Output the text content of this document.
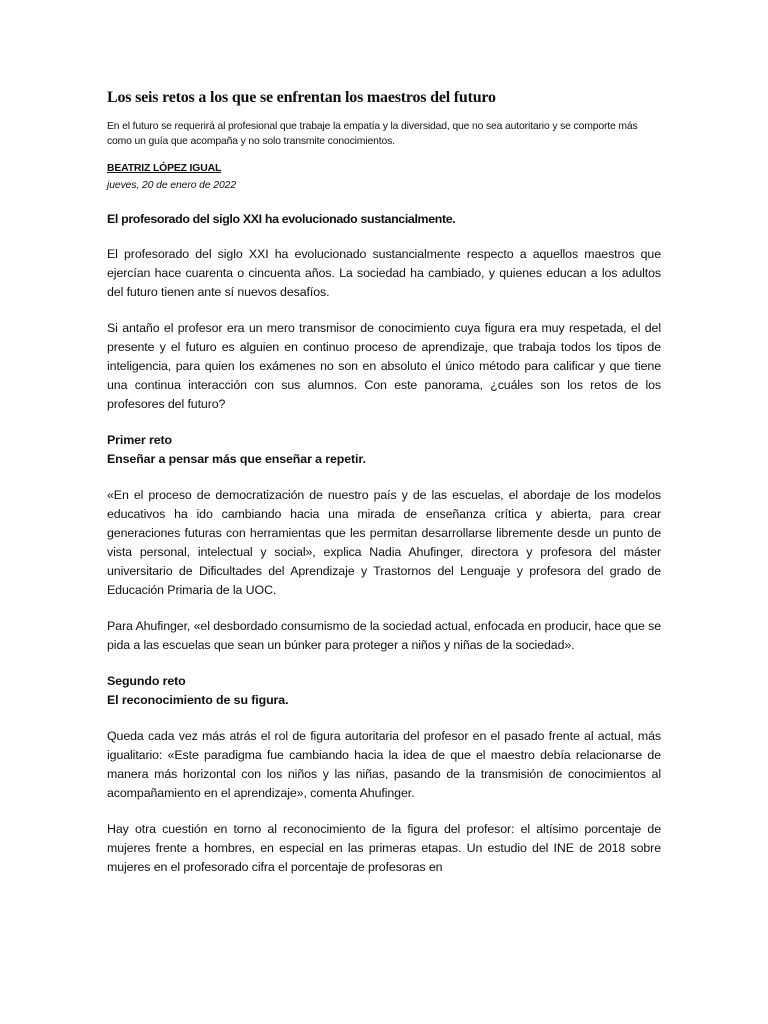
Los seis retos a los que se enfrentan los maestros del futuro

En el futuro se requerirá al profesional que trabaje la empatía y la diversidad, que no sea autoritario y se comporte más como un guía que acompaña y no solo transmite conocimientos.

BEATRIZ LÓPEZ IGUAL

jueves, 20 de enero de 2022

El profesorado del siglo XXI ha evolucionado sustancialmente.

El profesorado del siglo XXI ha evolucionado sustancialmente respecto a aquellos maestros que ejercían hace cuarenta o cincuenta años. La sociedad ha cambiado, y quienes educan a los adultos del futuro tienen ante sí nuevos desafíos.

Si antaño el profesor era un mero transmisor de conocimiento cuya figura era muy respetada, el del presente y el futuro es alguien en continuo proceso de aprendizaje, que trabaja todos los tipos de inteligencia, para quien los exámenes no son en absoluto el único método para calificar y que tiene una continua interacción con sus alumnos. Con este panorama, ¿cuáles son los retos de los profesores del futuro?

Primer reto
Enseñar a pensar más que enseñar a repetir.

«En el proceso de democratización de nuestro país y de las escuelas, el abordaje de los modelos educativos ha ido cambiando hacia una mirada de enseñanza crítica y abierta, para crear generaciones futuras con herramientas que les permitan desarrollarse libremente desde un punto de vista personal, intelectual y social», explica Nadia Ahufinger, directora y profesora del máster universitario de Dificultades del Aprendizaje y Trastornos del Lenguaje y profesora del grado de Educación Primaria de la UOC.

Para Ahufinger, «el desbordado consumismo de la sociedad actual, enfocada en producir, hace que se pida a las escuelas que sean un búnker para proteger a niños y niñas de la sociedad».

Segundo reto
El reconocimiento de su figura.

Queda cada vez más atrás el rol de figura autoritaria del profesor en el pasado frente al actual, más igualitario: «Este paradigma fue cambiando hacia la idea de que el maestro debía relacionarse de manera más horizontal con los niños y las niñas, pasando de la transmisión de conocimientos al acompañamiento en el aprendizaje», comenta Ahufinger.

Hay otra cuestión en torno al reconocimiento de la figura del profesor: el altísimo porcentaje de mujeres frente a hombres, en especial en las primeras etapas. Un estudio del INE de 2018 sobre mujeres en el profesorado cifra el porcentaje de profesoras en
